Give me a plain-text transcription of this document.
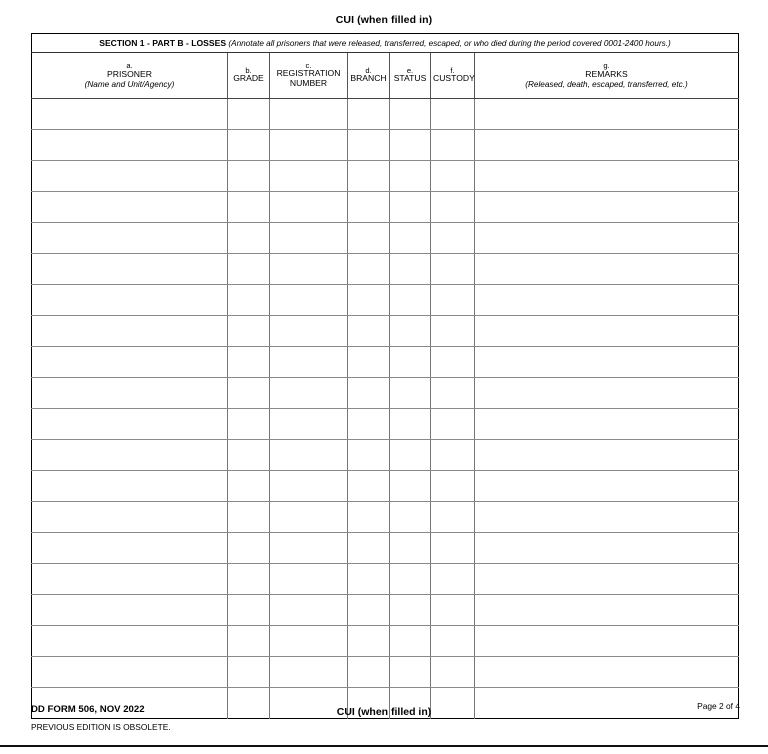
CUI (when filled in)
SECTION 1 - PART B - LOSSES (Annotate all prisoners that were released, transferred, escaped, or who died during the period covered 0001-2400 hours.)						

a.
PRISONER
(Name and Unit/Agency)	b.
GRADE	c.
REGISTRATION
NUMBER	d.
BRANCH	e.
STATUS	f.
CUSTODY	g.
REMARKS
(Released, death, escaped, transferred, etc.)

DD FORM 506, NOV 2022
PREVIOUS EDITION IS OBSOLETE.
CUI (when filled in)	Page 2 of 4
